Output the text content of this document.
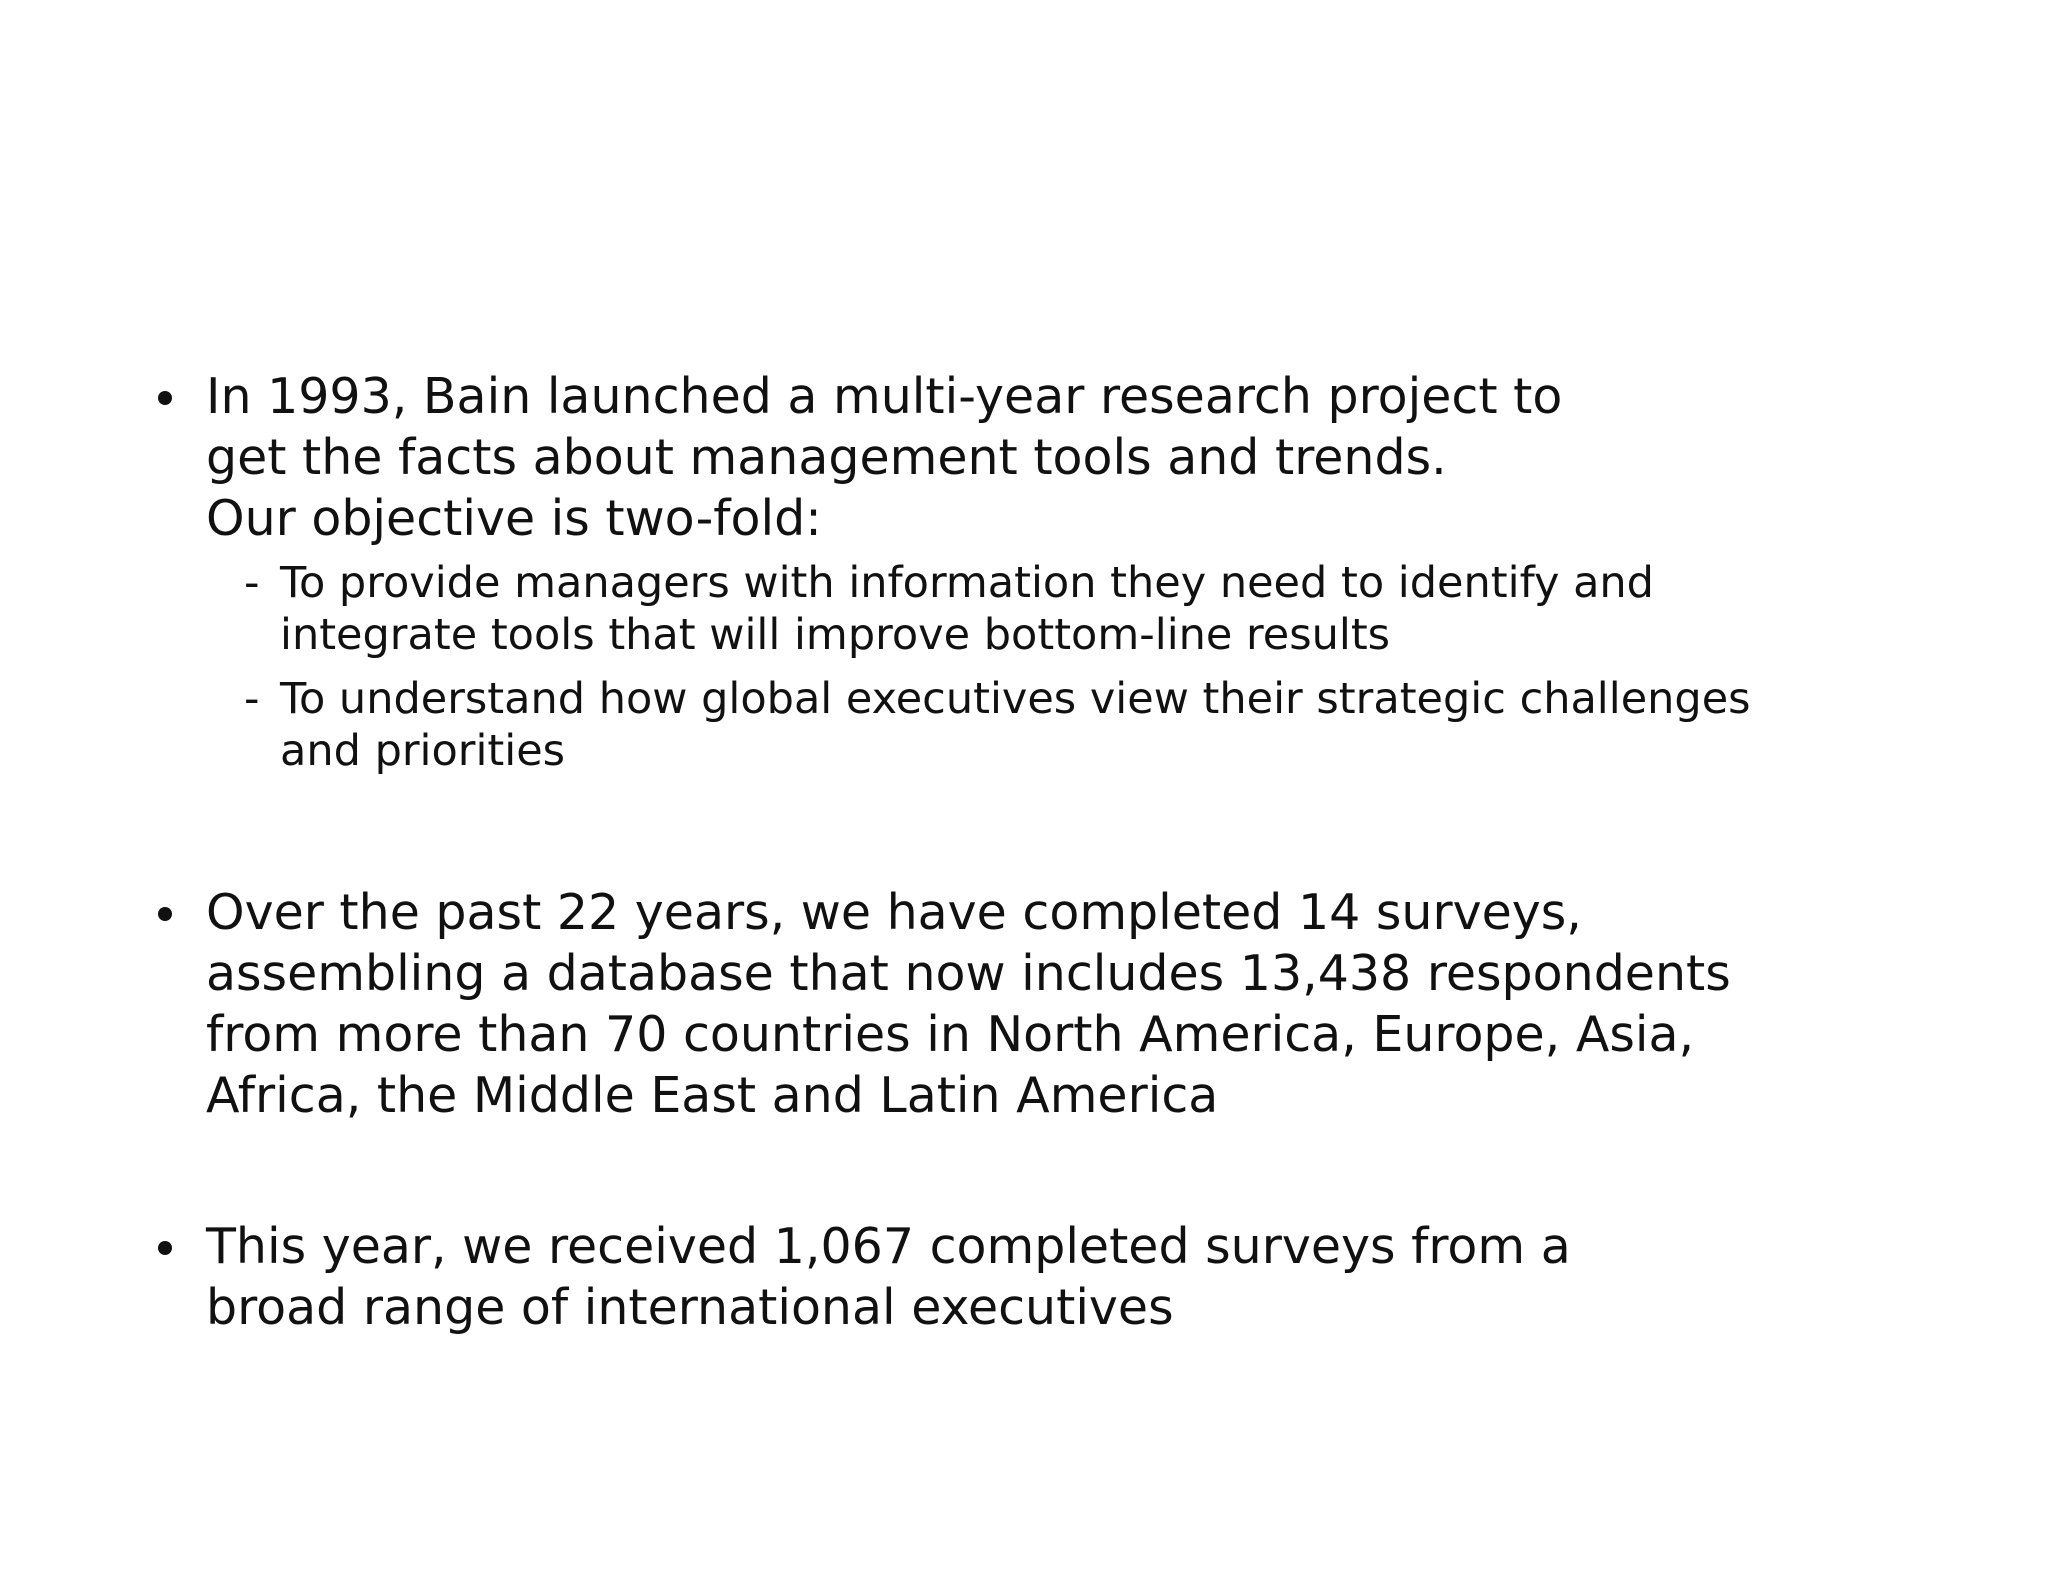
In 1993, Bain launched a multi-year research project to
get the facts about management tools and trends.
Our objective is two-fold:
- To provide managers with information they need to identify and
integrate tools that will improve bottom-line results
- To understand how global executives view their strategic challenges
and priorities
Over the past 22 years, we have completed 14 surveys,
assembling a database that now includes 13,438 respondents
from more than 70 countries in North America, Europe, Asia,
Africa, the Middle East and Latin America
This year, we received 1,067 completed surveys from a
broad range of international executives
